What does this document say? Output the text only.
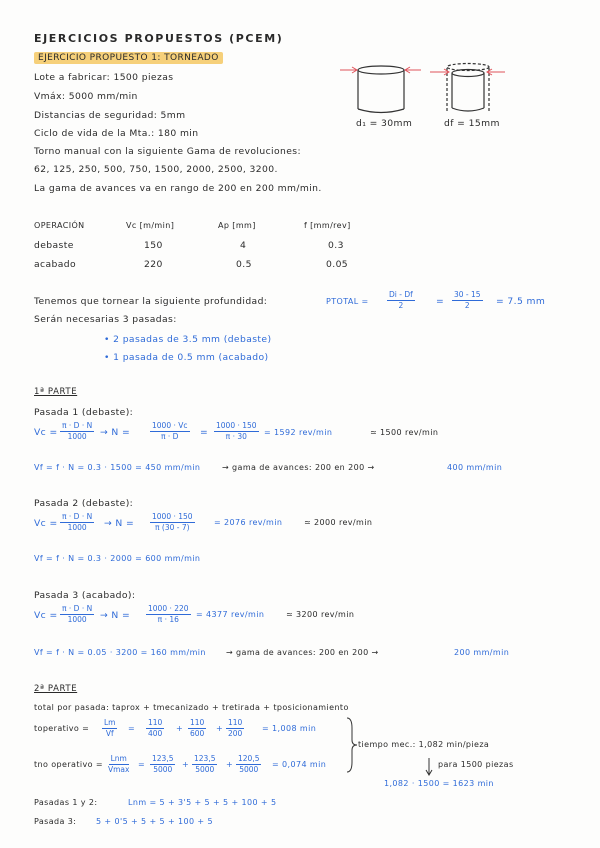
EJERCICIOS PROPUESTOS (PCEM)
EJERCICIO PROPUESTO 1: TORNEADO
Lote a fabricar: 1500 piezas
Vmáx: 5000 mm/min
Distancias de seguridad: 5mm
Ciclo de vida de la Mta.: 180 min
Torno manual con la siguiente Gama de revoluciones:
62, 125, 250, 500, 750, 1500, 2000, 2500, 3200.
La gama de avances va en rango de 200 en 200 mm/min.
d₁ = 30mm	df = 15mm
OPERACIÓN	Vc [m/min]	Ap [mm]	f [mm/rev]
debaste	150	4	0.3
acabado	220	0.5	0.05
Tenemos que tornear la siguiente profundidad:	PTOTAL =
Di - Df
2	=
30 - 15
2	= 7.5 mm
Serán necesarias 3 pasadas:
• 2 pasadas de 3.5 mm (debaste)
• 1 pasada de 0.5 mm (acabado)
1ª PARTE
Pasada 1 (debaste):
Vc =
π · D · N
1000 → N =
1000 · Vc
π · D =
1000 · 150
π · 30 = 1592 rev/min	≃ 1500 rev/min
Vf = f · N = 0.3 · 1500 = 450 mm/min	→ gama de avances: 200 en 200 →	400 mm/min
Pasada 2 (debaste):
Vc =
π · D · N
1000 → N =
1000 · 150
π (30 - 7)
= 2076 rev/min	≃ 2000 rev/min
Vf = f · N = 0.3 · 2000 = 600 mm/min
Pasada 3 (acabado):
Vc =
π · D · N
1000 → N =
1000 · 220
π · 16
= 4377 rev/min	≃ 3200 rev/min
Vf = f · N = 0.05 · 3200 = 160 mm/min	→ gama de avances: 200 en 200 →	200 mm/min
2ª PARTE
total por pasada: taprox + tmecanizado + tretirada + tposicionamiento
toperativo =
Lm
Vf
=
110
400
+
110
600
+
110
200
= 1,008 min
tno operativo =
Lnm
Vmax
=
123,5
5000
+
123,5
5000
+
120,5
5000
= 0,074 min
tiempo mec.: 1,082 min/pieza
para 1500 piezas
1,082 · 1500 = 1623 min
Pasadas 1 y 2:	Lnm = 5 + 3'5 + 5 + 5 + 100 + 5
Pasada 3: 5 + 0'5 + 5 + 5 + 100 + 5
